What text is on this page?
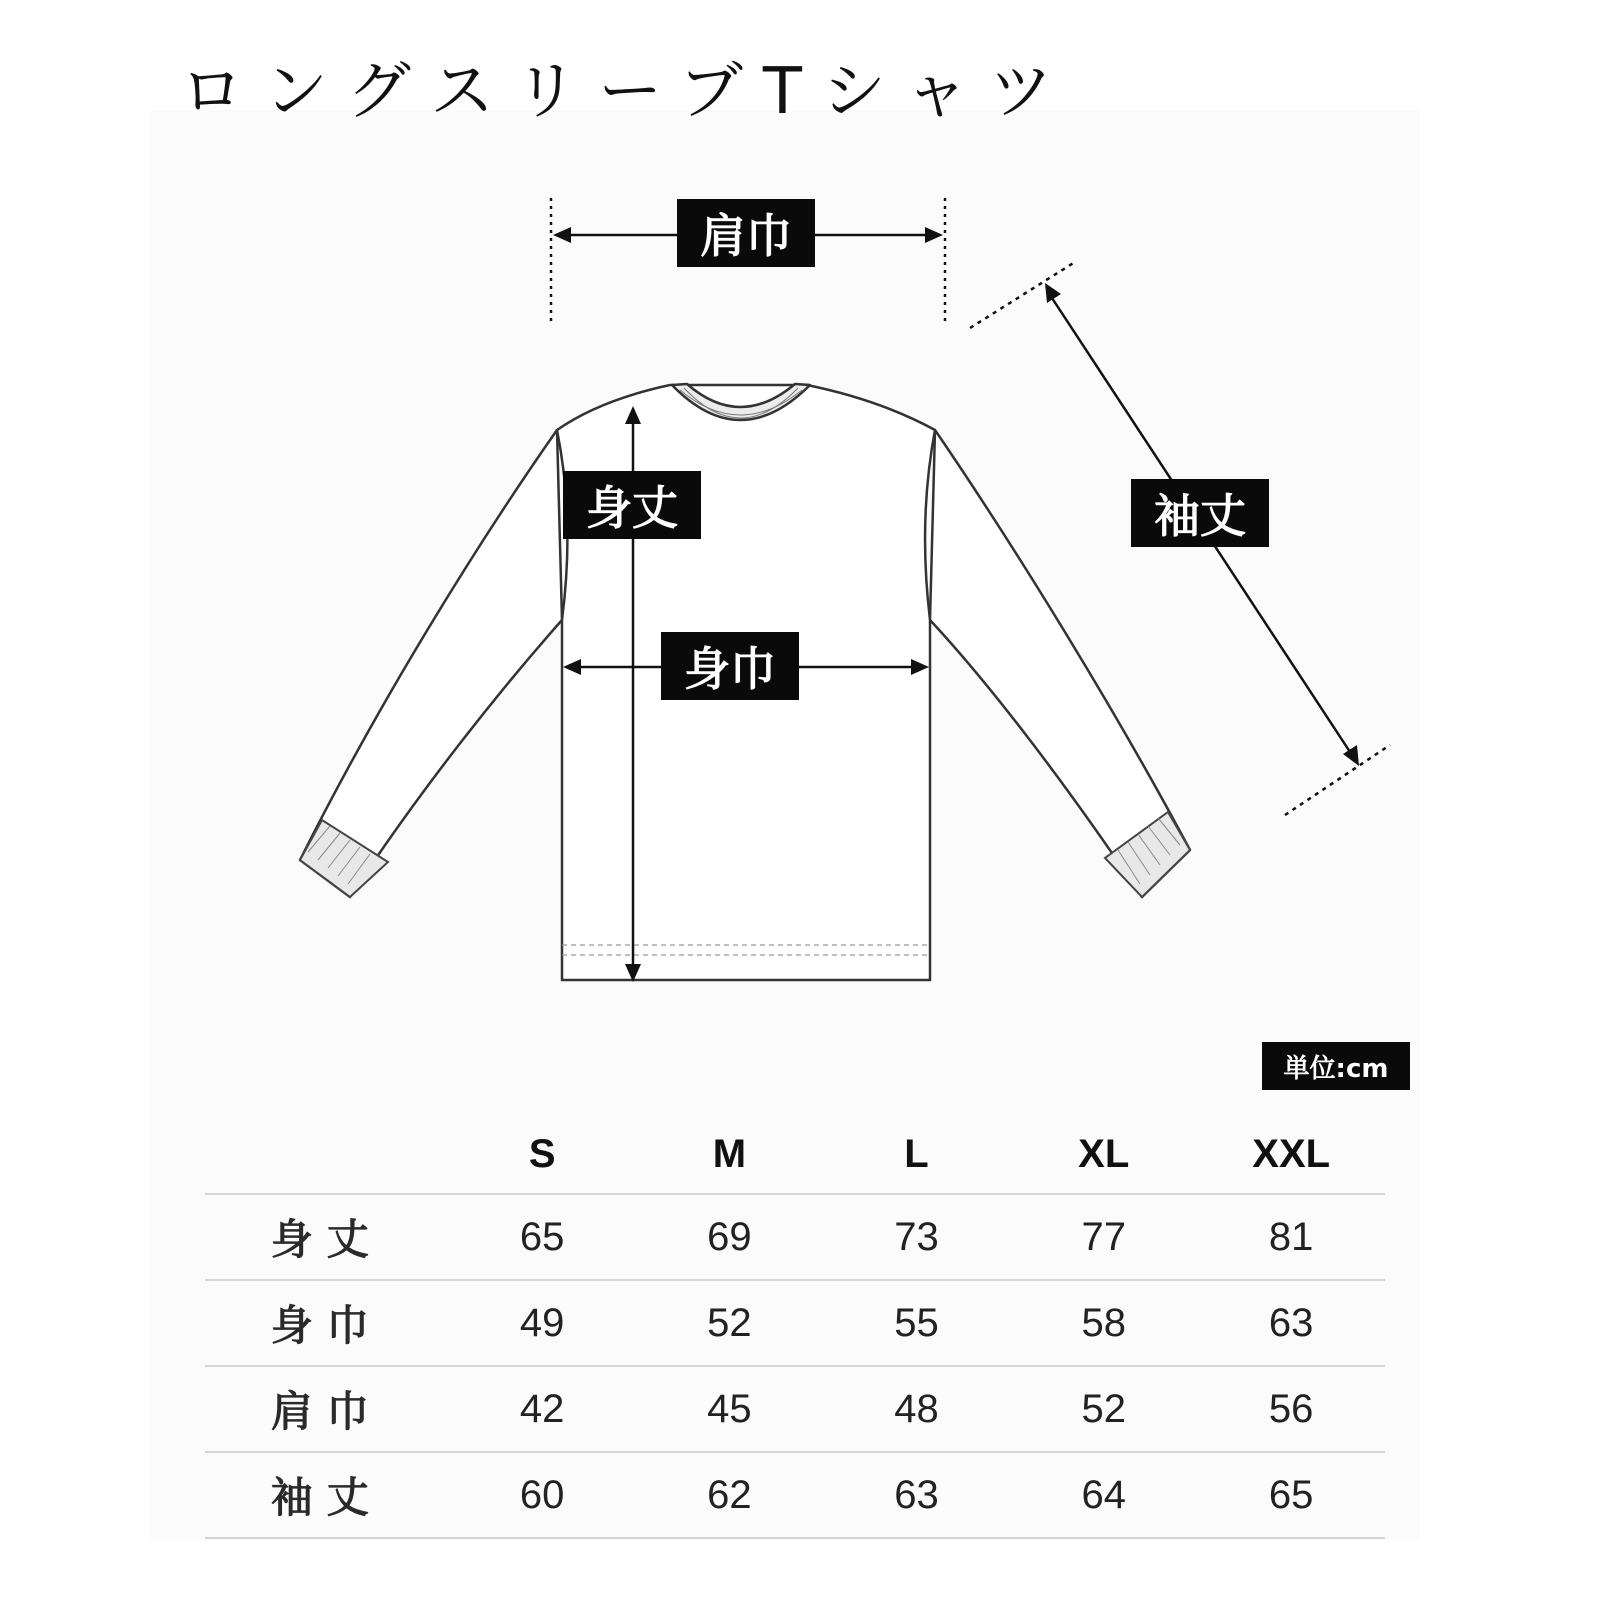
ロングスリーブTシャツ
肩巾
身丈
身巾
袖丈
単位:cm
	S	M	L	XL	XXL
身丈	65	69	73	77	81
身巾	49	52	55	58	63
肩巾	42	45	48	52	56
袖丈	60	62	63	64	65
